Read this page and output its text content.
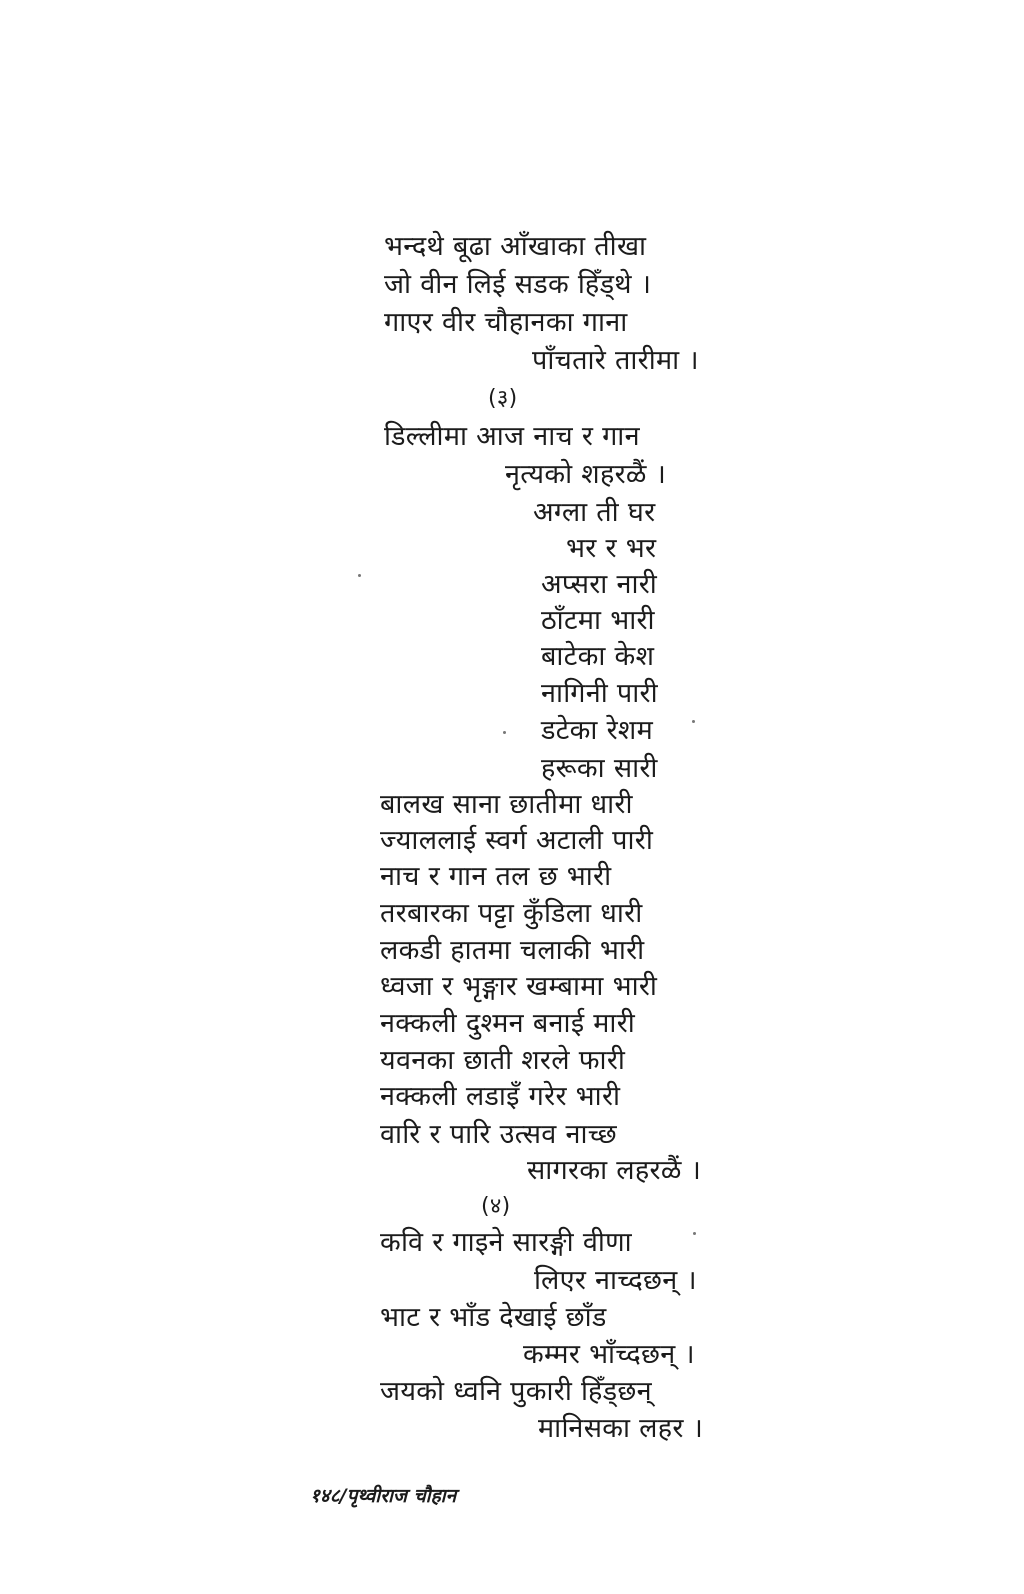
भन्दथे बूढा आँखाका तीखा
जो वीन लिई सडक हिँड्थे ।
गाएर वीर चौहानका गाना
पाँचतारे तारीमा ।
(३)
डिल्लीमा आज नाच र गान
नृत्यको शहरळैं ।
अग्ला ती घर
भर र भर
अप्सरा नारी
ठाँटमा भारी
बाटेका केश
नागिनी पारी
डटेका रेशम
हरूका सारी
बालख साना छातीमा धारी
ज्याललाई स्वर्ग अटाली पारी
नाच र गान तल छ भारी
तरबारका पट्टा कुँडिला धारी
लकडी हातमा चलाकी भारी
ध्वजा र भृङ्गार खम्बामा भारी
नक्कली दुश्मन बनाई मारी
यवनका छाती शरले फारी
नक्कली लडाइँ गरेर भारी
वारि र पारि उत्सव नाच्छ
सागरका लहरळैं ।
(४)
कवि र गाइने सारङ्गी वीणा
लिएर नाच्दछन् ।
भाट र भाँड देखाई छाँड
कम्मर भाँच्दछन् ।
जयको ध्वनि पुकारी हिँड्छन्
मानिसका लहर ।
१४८/पृथ्वीराज चौहान
